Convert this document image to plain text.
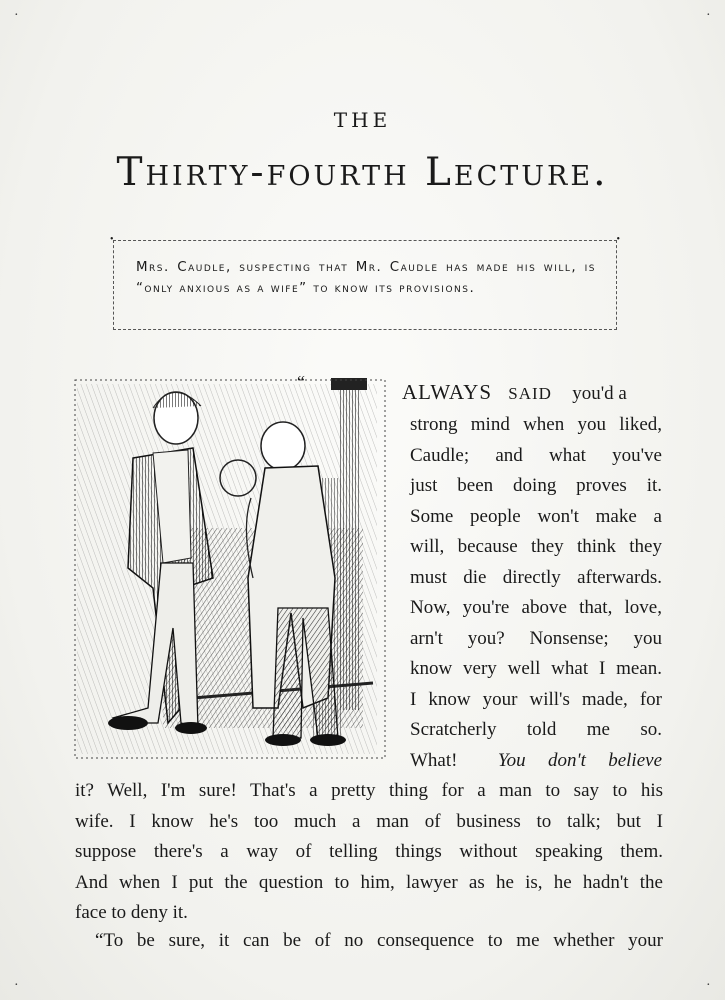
·	·
·	·
THE
Thirty-fourth Lecture.
• •
Mrs. Caudle, suspecting that Mr. Caudle has made his will, is “only anxious as a wife” to know its provisions.
“	ALWAYS SAID you'd a
strong mind when you liked,
Caudle; and what you've
just been doing proves it.
Some people won't make a
will, because they think they
must die directly afterwards.
Now, you're above that, love,
arn't you? Nonsense; you
know very well what I mean.
I know your will's made, for
Scratcherly told me so.
What! You don't believe
it? Well, I'm sure! That's a pretty thing for a man to say to his
wife. I know he's too much a man of business to talk; but I
suppose there's a way of telling things without speaking them.
And when I put the question to him, lawyer as he is, he hadn't the
face to deny it.
“To be sure, it can be of no consequence to me whether your
